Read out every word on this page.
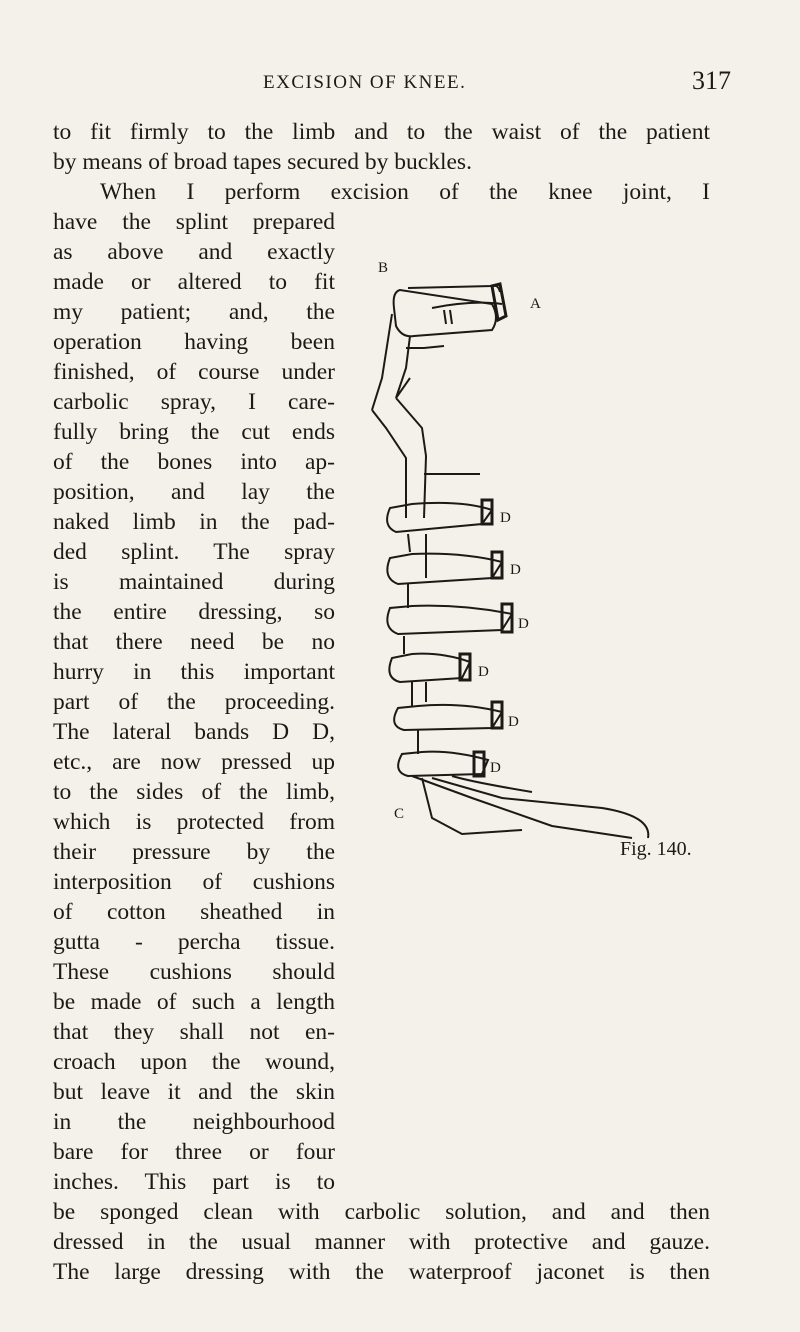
EXCISION OF KNEE.	317
to fit firmly to the limb and to the waist of the patient
by means of broad tapes secured by buckles.
When I perform excision of the knee joint, I
have the splint prepared
as above and exactly
made or altered to fit
my patient; and, the
operation having been
finished, of course under
carbolic spray, I care-
fully bring the cut ends
of the bones into ap-
position, and lay the
naked limb in the pad-
ded splint. The spray
is maintained during
the entire dressing, so
that there need be no
hurry in this important
part of the proceeding.
The lateral bands D D,
etc., are now pressed up
to the sides of the limb,
which is protected from
their pressure by the
interposition of cushions
of cotton sheathed in
gutta - percha tissue.
These cushions should
be made of such a length
that they shall not en-
croach upon the wound,
but leave it and the skin
in the neighbourhood
bare for three or four
inches. This part is to
be sponged clean with carbolic solution, and and then
dressed in the usual manner with protective and gauze.
The large dressing with the waterproof jaconet is then
B
A
D
D
D
D
D
D
C
Fig. 140.
